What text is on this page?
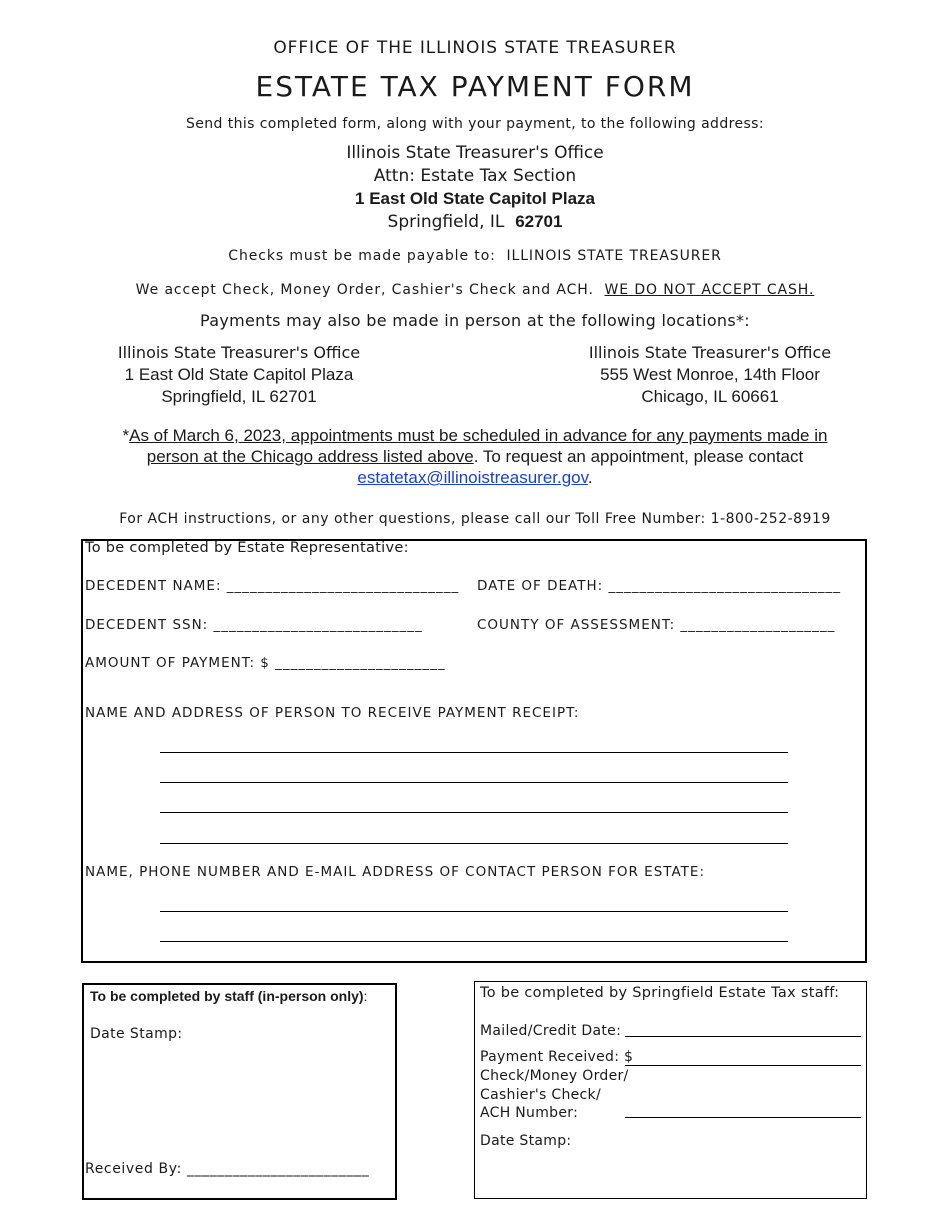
OFFICE OF THE ILLINOIS STATE TREASURER
ESTATE TAX PAYMENT FORM
Send this completed form, along with your payment, to the following address:
Illinois State Treasurer's Office
Attn: Estate Tax Section
1 East Old State Capitol Plaza
Springfield, IL 62701
Checks must be made payable to: ILLINOIS STATE TREASURER
We accept Check, Money Order, Cashier's Check and ACH. WE DO NOT ACCEPT CASH.
Payments may also be made in person at the following locations*:
Illinois State Treasurer's Office
1 East Old State Capitol Plaza
Springfield, IL 62701
Illinois State Treasurer's Office
555 West Monroe, 14th Floor
Chicago, IL 60661
*As of March 6, 2023, appointments must be scheduled in advance for any payments made in
person at the Chicago address listed above. To request an appointment, please contact
estatetax@illinoistreasurer.gov.
For ACH instructions, or any other questions, please call our Toll Free Number: 1-800-252-8919
To be completed by Estate Representative:
DECEDENT NAME: ______________________________ DATE OF DEATH: ______________________________
DECEDENT SSN: ___________________________	COUNTY OF ASSESSMENT: ____________________
AMOUNT OF PAYMENT: $ ______________________
NAME AND ADDRESS OF PERSON TO RECEIVE PAYMENT RECEIPT:
NAME, PHONE NUMBER AND E-MAIL ADDRESS OF CONTACT PERSON FOR ESTATE:
To be completed by staff (in-person only):
Date Stamp:
Received By: ________________________
To be completed by Springfield Estate Tax staff:
Mailed/Credit Date:
Payment Received: $
Check/Money Order/
Cashier's Check/
ACH Number:
Date Stamp:
